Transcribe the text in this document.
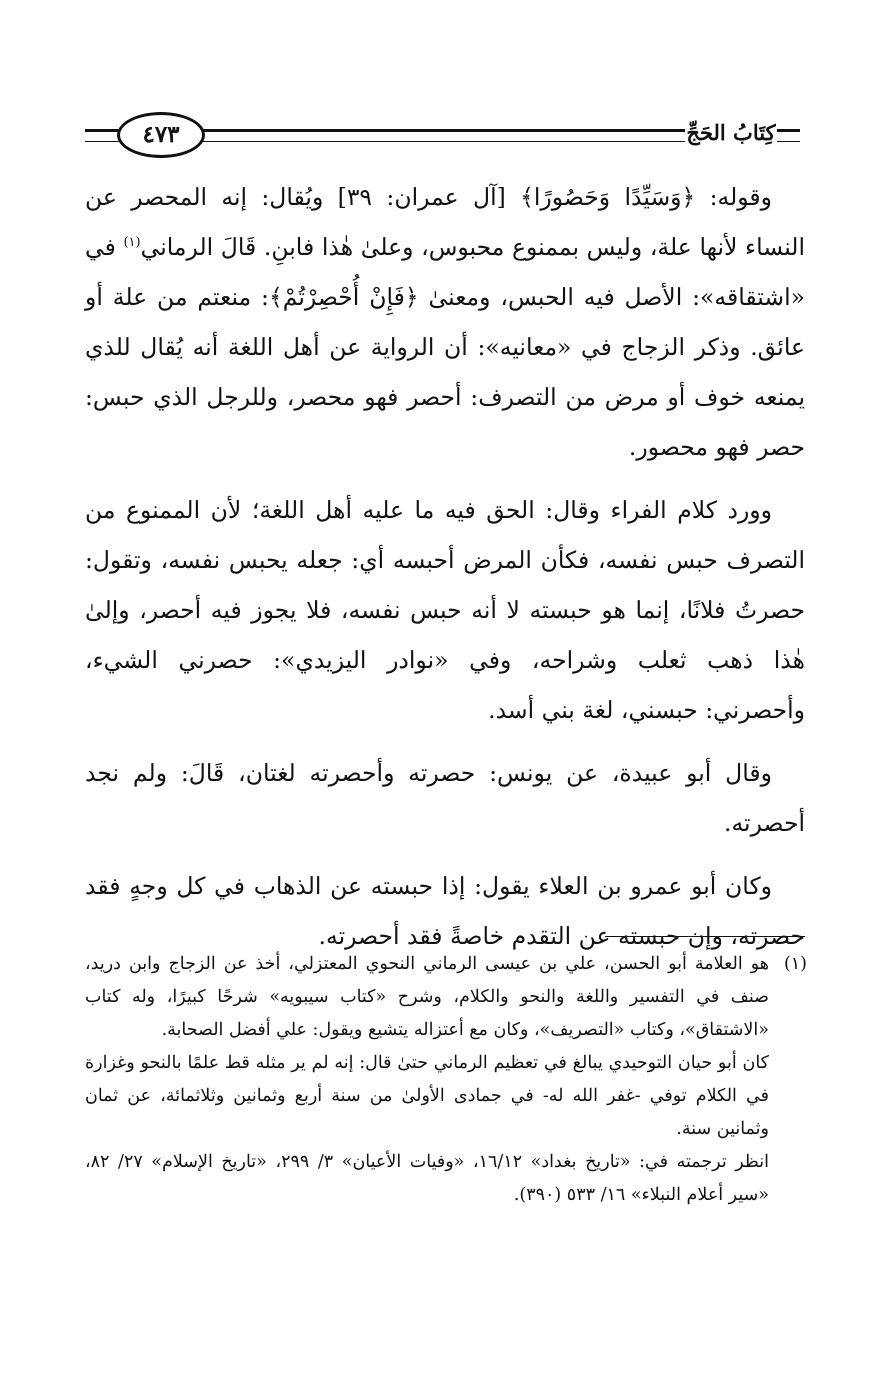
٤٧٣	كِتَابُ الحَجِّ

وقوله: ﴿وَسَيِّدًا وَحَصُورًا﴾ [آل عمران: ٣٩] ويُقال: إنه المحصر عن النساء لأنها علة، وليس بممنوع محبوس، وعلىٰ هٰذا فابنِ. قَالَ الرماني$^{(١)}$ في «اشتقاقه»: الأصل فيه الحبس، ومعنىٰ ﴿فَإِنْ أُحْصِرْتُمْ﴾: منعتم من علة أو عائق. وذكر الزجاج في «معانيه»: أن الرواية عن أهل اللغة أنه يُقال للذي يمنعه خوف أو مرض من التصرف: أحصر فهو محصر، وللرجل الذي حبس: حصر فهو محصور.

وورد كلام الفراء وقال: الحق فيه ما عليه أهل اللغة؛ لأن الممنوع من التصرف حبس نفسه، فكأن المرض أحبسه أي: جعله يحبس نفسه، وتقول: حصرتُ فلانًا، إنما هو حبسته لا أنه حبس نفسه، فلا يجوز فيه أحصر، وإلىٰ هٰذا ذهب ثعلب وشراحه، وفي «نوادر اليزيدي»: حصرني الشيء، وأحصرني: حبسني، لغة بني أسد.

وقال أبو عبيدة، عن يونس: حصرته وأحصرته لغتان، قَالَ: ولم نجد أحصرته.

وكان أبو عمرو بن العلاء يقول: إذا حبسته عن الذهاب في كل وجهٍ فقد حصرته، وإن حبسته عن التقدم خاصةً فقد أحصرته.

(١)
هو العلامة أبو الحسن، علي بن عيسى الرماني النحوي المعتزلي، أخذ عن الزجاج وابن دريد، صنف في التفسير واللغة والنحو والكلام، وشرح «كتاب سيبويه» شرحًا كبيرًا، وله كتاب «الاشتقاق»، وكتاب «التصريف»، وكان مع أعتزاله يتشيع ويقول: علي أفضل الصحابة.

كان أبو حيان التوحيدي يبالغ في تعظيم الرماني حتىٰ قال: إنه لم ير مثله قط علمًا بالنحو وغزارة في الكلام توفي -غفر الله له- في جمادى الأولىٰ من سنة أربع وثمانين وثلاثمائة، عن ثمان وثمانين سنة.

انظر ترجمته في: «تاريخ بغداد» ١٦/١٢، «وفيات الأعيان» ٣/ ٢٩٩، «تاريخ الإسلام» ٢٧/ ٨٢، «سير أعلام النبلاء» ١٦/ ٥٣٣ (٣٩٠).
